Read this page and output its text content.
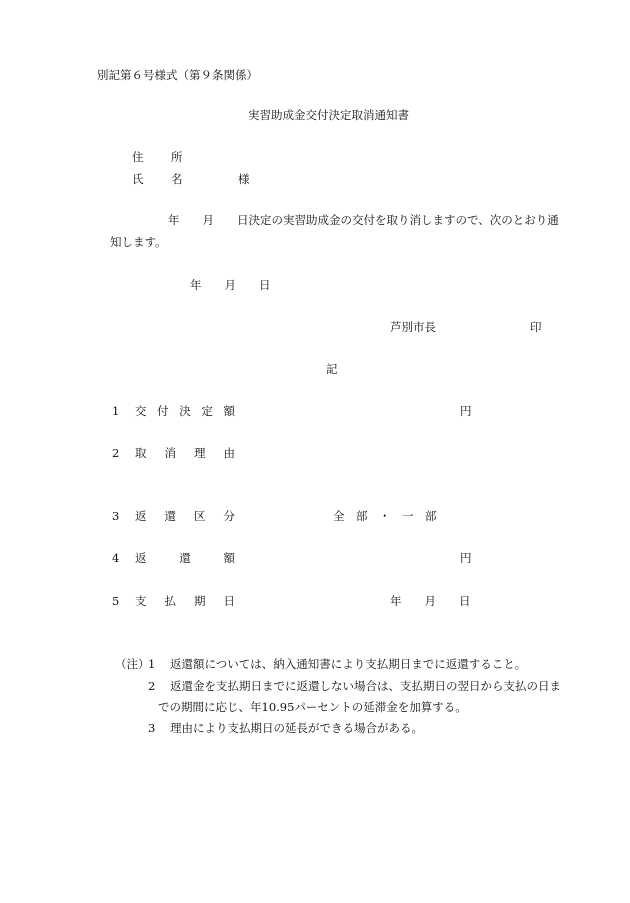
別記第６号様式（第９条関係）
実習助成金交付決定取消通知書
住　所
氏　名	様
年　　月　　日決定の実習助成金の交付を取り消しますので、次のとおり通
知します。
年　　月　　日
芦別市長	印
記
1 交付決定額	円
2 取消理由
3 返還区分	全　部　・　一　部
4 返還額	円
5 支払期日	年　　月　　日
（注）
1 返還額については、納入通知書により支払期日までに返還すること。
2 返還金を支払期日までに返還しない場合は、支払期日の翌日から支払の日ま
での期間に応じ、年10.95パーセントの延滞金を加算する。
3 理由により支払期日の延長ができる場合がある。
